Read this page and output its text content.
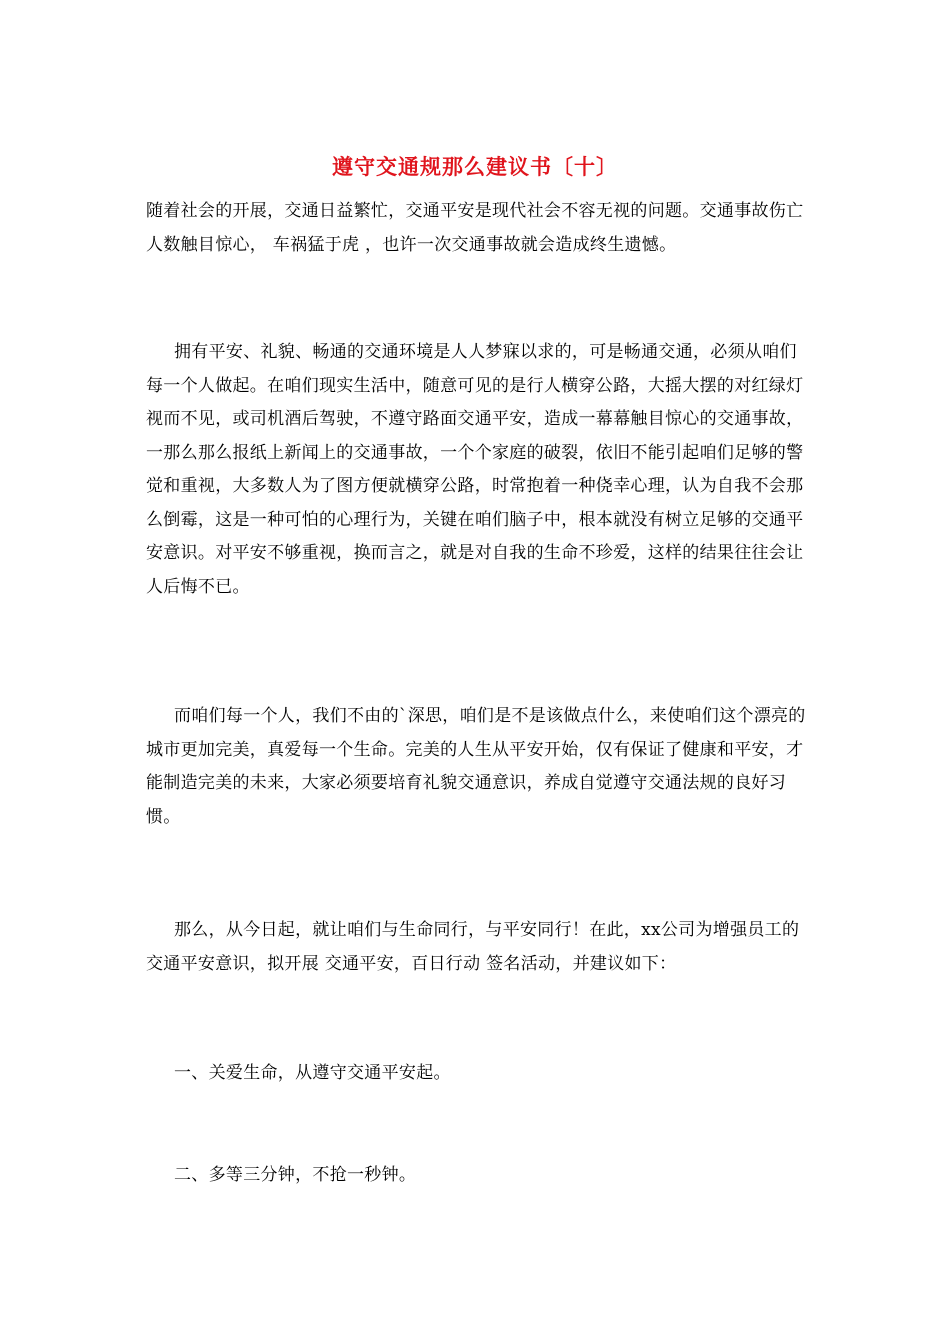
遵守交通规那么建议书〔十〕

随着社会的开展，交通日益繁忙，交通平安是现代社会不容无视的问题。交通事故伤亡人数触目惊心， 车祸猛于虎 ，也许一次交通事故就会造成终生遗憾。

拥有平安、礼貌、畅通的交通环境是人人梦寐以求的，可是畅通交通，必须从咱们每一个人做起。在咱们现实生活中，随意可见的是行人横穿公路，大摇大摆的对红绿灯视而不见，或司机酒后驾驶，不遵守路面交通平安，造成一幕幕触目惊心的交通事故，一那么那么报纸上新闻上的交通事故，一个个家庭的破裂，依旧不能引起咱们足够的警觉和重视，大多数人为了图方便就横穿公路，时常抱着一种侥幸心理，认为自我不会那么倒霉，这是一种可怕的心理行为，关键在咱们脑子中，根本就没有树立足够的交通平安意识。对平安不够重视，换而言之，就是对自我的生命不珍爱，这样的结果往往会让人后悔不已。

而咱们每一个人，我们不由的`深思，咱们是不是该做点什么，来使咱们这个漂亮的城市更加完美，真爱每一个生命。完美的人生从平安开始，仅有保证了健康和平安，才能制造完美的未来，大家必须要培育礼貌交通意识，养成自觉遵守交通法规的良好习惯。

那么，从今日起，就让咱们与生命同行，与平安同行！在此，xx公司为增强员工的交通平安意识，拟开展 交通平安，百日行动 签名活动，并建议如下：

一、关爱生命，从遵守交通平安起。

二、多等三分钟，不抢一秒钟。
